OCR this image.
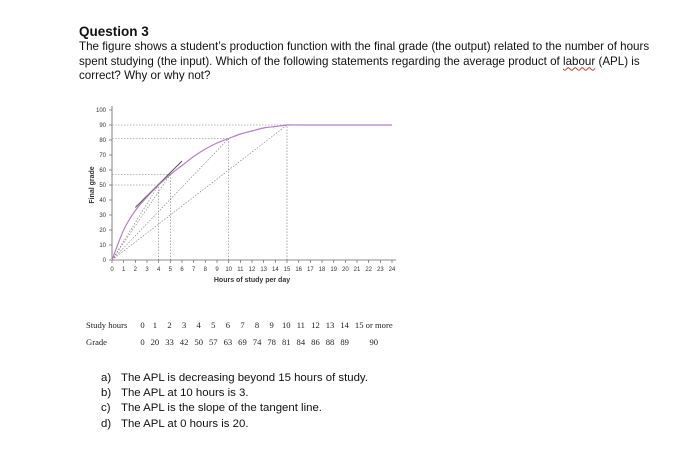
Question 3

The figure shows a student’s production function with the final grade (the output) related to the number of hours spent studying (the input). Which of the following statements regarding the average product of labour (APL) is correct? Why or why not?

0
10
20
30
40
50
60
70
80
90
100
0 1 2 3 4 5 6 7 8 9 10 11 12 13 14 15 16 17 18 19 20 21 22 23 24
Hours of study per day
Final grade
Study hours	0	1	2	3	4	5	6	7	8	9	10	11	12	13	14	15 or more
Grade	0	20	33	42	50	57	63	69	74	78	81	84	86	88	89	90
a) The APL is decreasing beyond 15 hours of study.
b) The APL at 10 hours is 3.
c) The APL is the slope of the tangent line.
d) The APL at 0 hours is 20.
